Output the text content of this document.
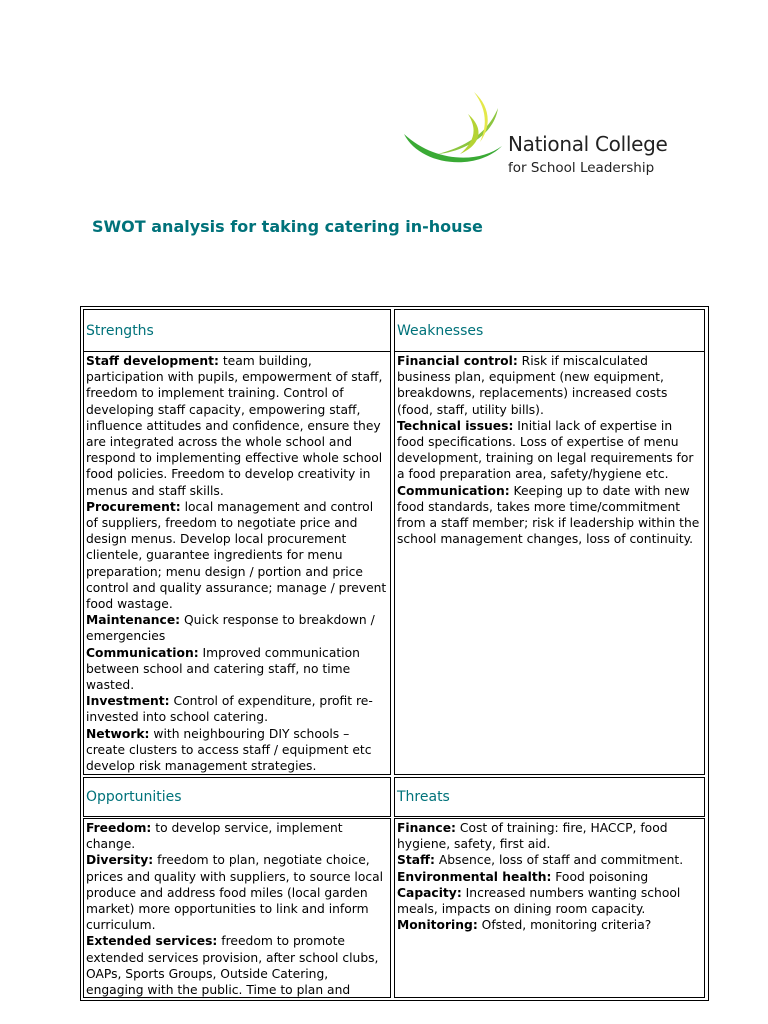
National College
for School Leadership
SWOT analysis for taking catering in-house
Strengths	Weaknesses
Staff development: team building, participation with pupils, empowerment of staff, freedom to implement training. Control of developing staff capacity, empowering staff, influence attitudes and confidence, ensure they are integrated across the whole school and respond to implementing effective whole school food policies. Freedom to develop creativity in menus and staff skills.
Procurement: local management and control of suppliers, freedom to negotiate price and design menus. Develop local procurement clientele, guarantee ingredients for menu preparation; menu design / portion and price control and quality assurance; manage / prevent food wastage.
Maintenance: Quick response to breakdown / emergencies
Communication: Improved communication between school and catering staff, no time wasted.
Investment: Control of expenditure, profit re-invested into school catering.
Network: with neighbouring DIY schools – create clusters to access staff / equipment etc develop risk management strategies.
Financial control: Risk if miscalculated business plan, equipment (new equipment, breakdowns, replacements) increased costs (food, staff, utility bills).
Technical issues: Initial lack of expertise in food specifications. Loss of expertise of menu development, training on legal requirements for a food preparation area, safety/hygiene etc.
Communication: Keeping up to date with new food standards, takes more time/commitment from a staff member; risk if leadership within the school management changes, loss of continuity.
Opportunities	Threats
Freedom: to develop service, implement change.
Diversity: freedom to plan, negotiate choice, prices and quality with suppliers, to source local produce and address food miles (local garden market) more opportunities to link and inform curriculum.
Extended services: freedom to promote extended services provision, after school clubs, OAPs, Sports Groups, Outside Catering, engaging with the public. Time to plan and
Finance: Cost of training: fire, HACCP, food hygiene, safety, first aid.
Staff: Absence, loss of staff and commitment.
Environmental health: Food poisoning
Capacity: Increased numbers wanting school meals, impacts on dining room capacity.
Monitoring: Ofsted, monitoring criteria?
